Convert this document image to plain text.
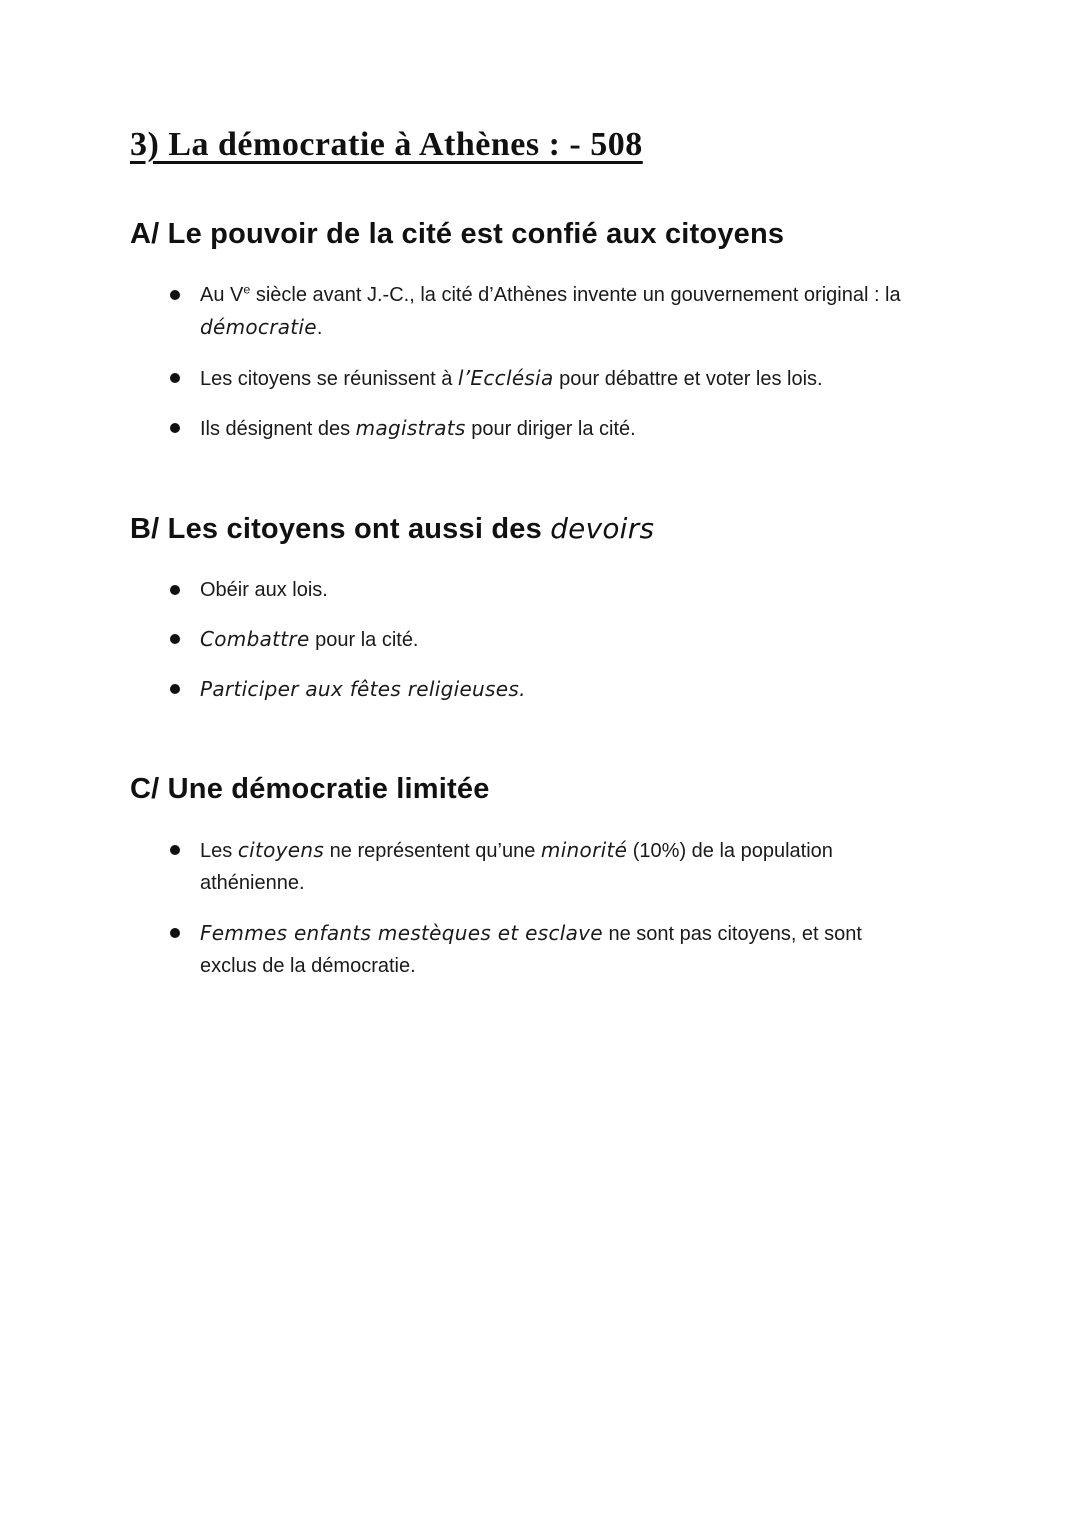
3) La démocratie à Athènes : - 508
A/ Le pouvoir de la cité est confié aux citoyens
Au Ve siècle avant J.-C., la cité d’Athènes invente un gouvernement original : la démocratie.
Les citoyens se réunissent à l’Ecclésia pour débattre et voter les lois.
Ils désignent des magistrats pour diriger la cité.
B/ Les citoyens ont aussi des devoirs
Obéir aux lois.
Combattre pour la cité.
Participer aux fêtes religieuses.
C/ Une démocratie limitée
Les citoyens ne représentent qu’une minorité (10%) de la population athénienne.
Femmes enfants mestèques et esclave ne sont pas citoyens, et sont exclus de la démocratie.
